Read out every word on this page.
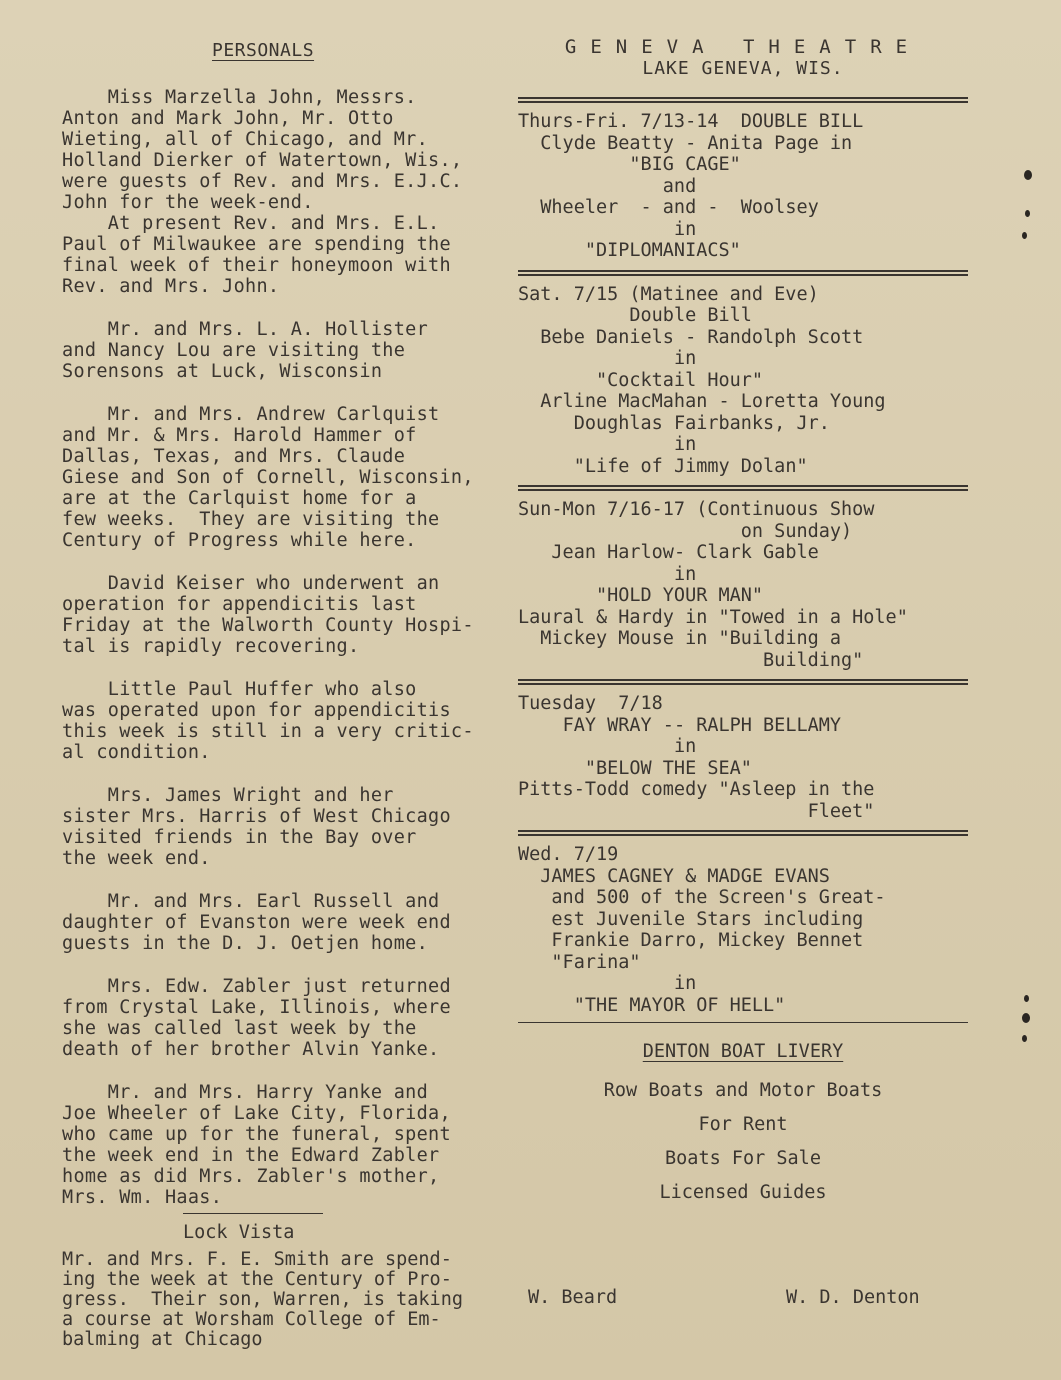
PERSONALS

Miss Marzella John, Messrs.
Anton and Mark John, Mr. Otto
Wieting, all of Chicago, and Mr.
Holland Dierker of Watertown, Wis.,
were guests of Rev. and Mrs. E.J.C.
John for the week-end.
At present Rev. and Mrs. E.L.
Paul of Milwaukee are spending the
final week of their honeymoon with
Rev. and Mrs. John.

Mr. and Mrs. L. A. Hollister
and Nancy Lou are visiting the
Sorensons at Luck, Wisconsin

Mr. and Mrs. Andrew Carlquist
and Mr. & Mrs. Harold Hammer of
Dallas, Texas, and Mrs. Claude
Giese and Son of Cornell, Wisconsin,
are at the Carlquist home for a
few weeks.  They are visiting the
Century of Progress while here.

David Keiser who underwent an
operation for appendicitis last
Friday at the Walworth County Hospi-
tal is rapidly recovering.

Little Paul Huffer who also
was operated upon for appendicitis
this week is still in a very critic-
al condition.

Mrs. James Wright and her
sister Mrs. Harris of West Chicago
visited friends in the Bay over
the week end.

Mr. and Mrs. Earl Russell and
daughter of Evanston were week end
guests in the D. J. Oetjen home.

Mrs. Edw. Zabler just returned
from Crystal Lake, Illinois, where
she was called last week by the
death of her brother Alvin Yanke.

Mr. and Mrs. Harry Yanke and
Joe Wheeler of Lake City, Florida,
who came up for the funeral, spent
the week end in the Edward Zabler
home as did Mrs. Zabler's mother,
Mrs. Wm. Haas.

Lock Vista

Mr. and Mrs. F. E. Smith are spend-
ing the week at the Century of Pro-
gress.  Their son, Warren, is taking
a course at Worsham College of Em-
balming at Chicago

GENEVA THEATRE

LAKE GENEVA, WIS.

Thurs-Fri. 7/13-14  DOUBLE BILL

Clyde Beatty - Anita Page in

"BIG CAGE"

and

Wheeler  - and -  Woolsey

in

"DIPLOMANIACS"

Sat. 7/15 (Matinee and Eve)

Double Bill

Bebe Daniels - Randolph Scott

in

"Cocktail Hour"

Arline MacMahan - Loretta Young

Doughlas Fairbanks, Jr.

in

"Life of Jimmy Dolan"

Sun-Mon 7/16-17 (Continuous Show

on Sunday)

Jean Harlow- Clark Gable

in

"HOLD YOUR MAN"

Laural & Hardy in "Towed in a Hole"

Mickey Mouse in "Building a

Building"

Tuesday  7/18

FAY WRAY -- RALPH BELLAMY

in

"BELOW THE SEA"

Pitts-Todd comedy "Asleep in the

Fleet"

Wed. 7/19

JAMES CAGNEY & MADGE EVANS

and 500 of the Screen's Great-

est Juvenile Stars including

Frankie Darro, Mickey Bennet

"Farina"

in

"THE MAYOR OF HELL"

DENTON BOAT LIVERY

Row Boats and Motor Boats

For Rent

Boats For Sale

Licensed Guides

W. Beard	W. D. Denton
